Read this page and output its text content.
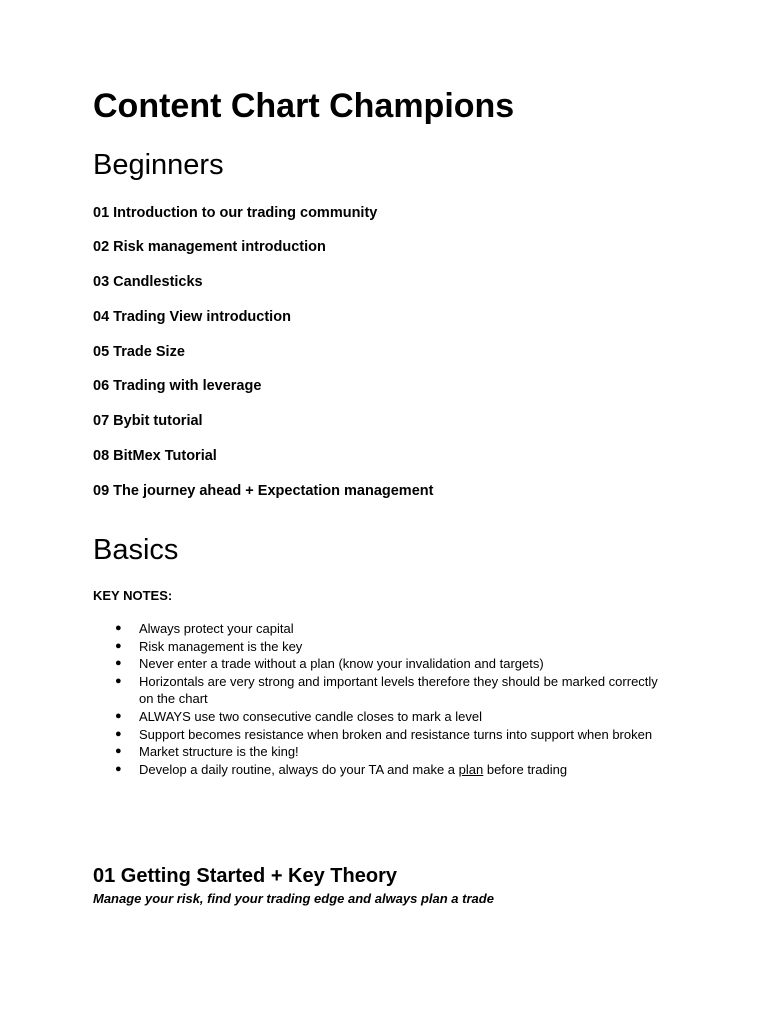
Content Chart Champions
Beginners

01 Introduction to our trading community

02 Risk management introduction

03 Candlesticks

04 Trading View introduction

05 Trade Size

06 Trading with leverage

07 Bybit tutorial

08 BitMex Tutorial

09 The journey ahead + Expectation management

Basics

KEY NOTES:

● Always protect your capital
● Risk management is the key
● Never enter a trade without a plan (know your invalidation and targets)
● Horizontals are very strong and important levels therefore they should be marked correctly on the chart
● ALWAYS use two consecutive candle closes to mark a level
● Support becomes resistance when broken and resistance turns into support when broken
● Market structure is the king!
● Develop a daily routine, always do your TA and make a plan before trading
01 Getting Started + Key Theory

Manage your risk, find your trading edge and always plan a trade
